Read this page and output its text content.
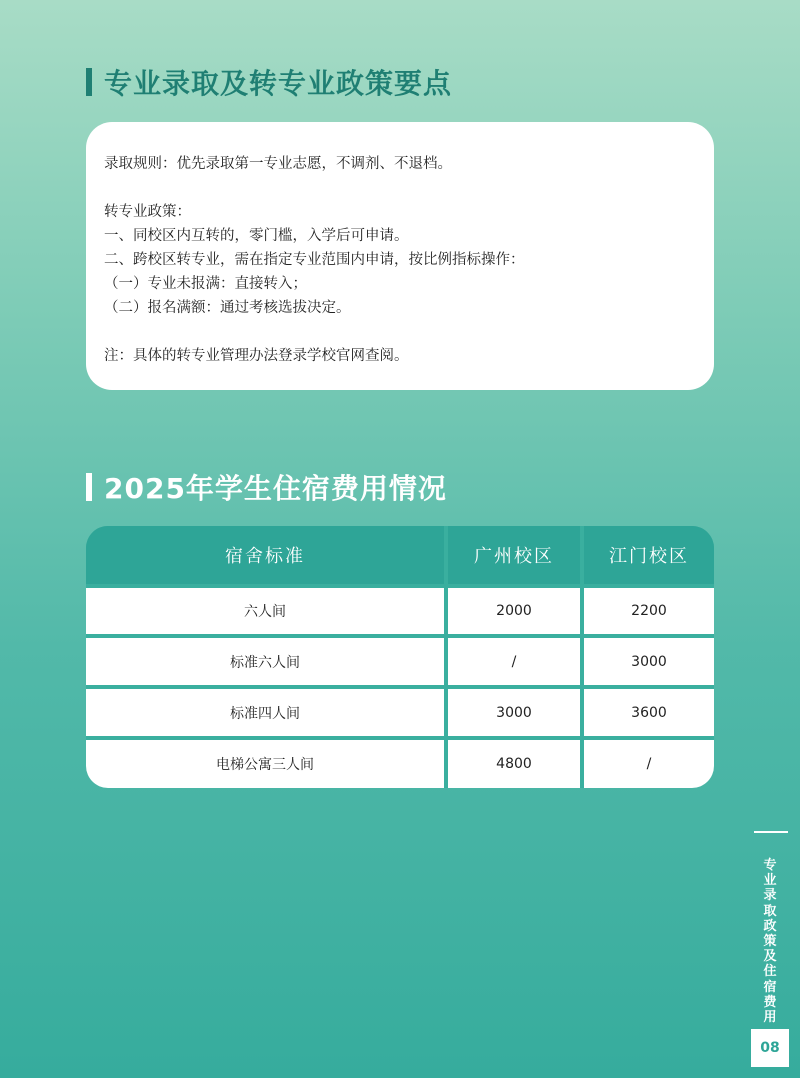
专业录取及转专业政策要点
录取规则：优先录取第一专业志愿，不调剂、不退档。
转专业政策：
一、同校区内互转的，零门槛，入学后可申请。
二、跨校区转专业，需在指定专业范围内申请，按比例指标操作：
（一）专业未报满：直接转入；
（二）报名满额：通过考核选拔决定。
注：具体的转专业管理办法登录学校官网查阅。
2025年学生住宿费用情况
宿舍标准	广州校区	江门校区
六人间	2000	2200
标准六人间	/	3000
标准四人间	3000	3600
电梯公寓三人间	4800	/
专业录取政策及住宿费用
08
